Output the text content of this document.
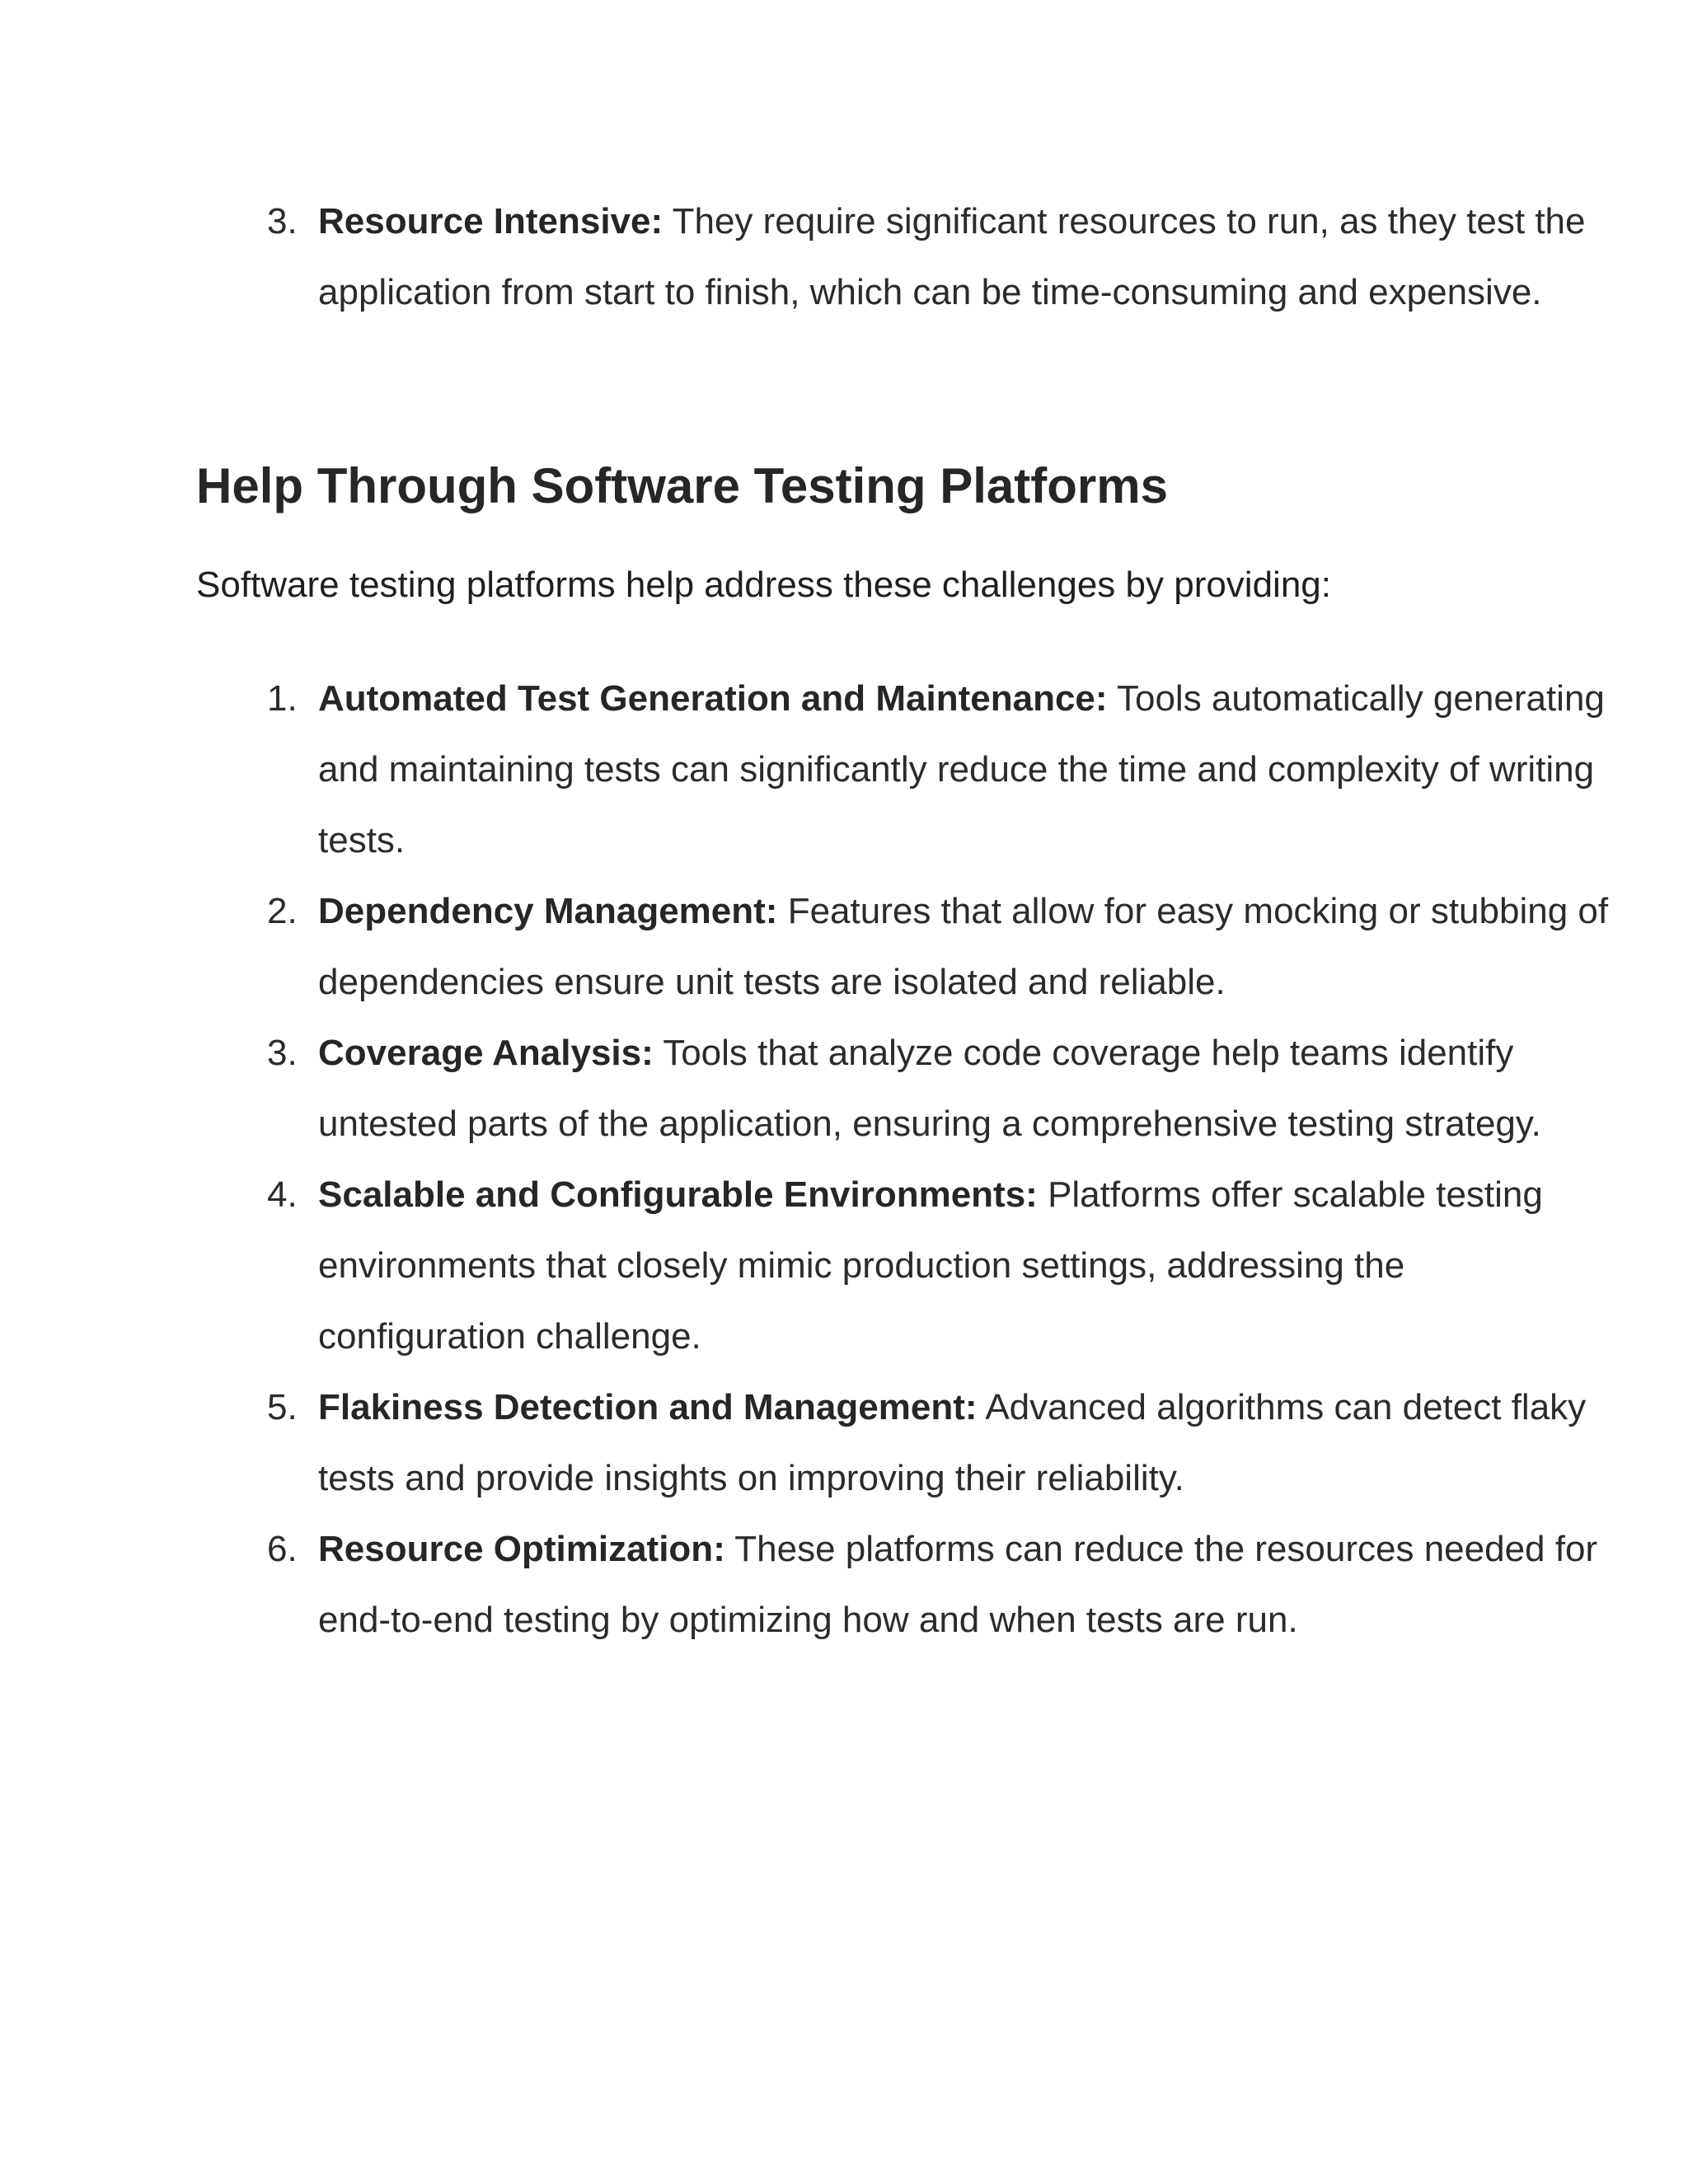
3. Resource Intensive: They require significant resources to run, as they test the application from start to finish, which can be time-consuming and expensive.
Help Through Software Testing Platforms

Software testing platforms help address these challenges by providing:

1. Automated Test Generation and Maintenance: Tools automatically generating and maintaining tests can significantly reduce the time and complexity of writing tests.
2. Dependency Management: Features that allow for easy mocking or stubbing of dependencies ensure unit tests are isolated and reliable.
3. Coverage Analysis: Tools that analyze code coverage help teams identify untested parts of the application, ensuring a comprehensive testing strategy.
4. Scalable and Configurable Environments: Platforms offer scalable testing environments that closely mimic production settings, addressing the configuration challenge.
5. Flakiness Detection and Management: Advanced algorithms can detect flaky tests and provide insights on improving their reliability.
6. Resource Optimization: These platforms can reduce the resources needed for end-to-end testing by optimizing how and when tests are run.
